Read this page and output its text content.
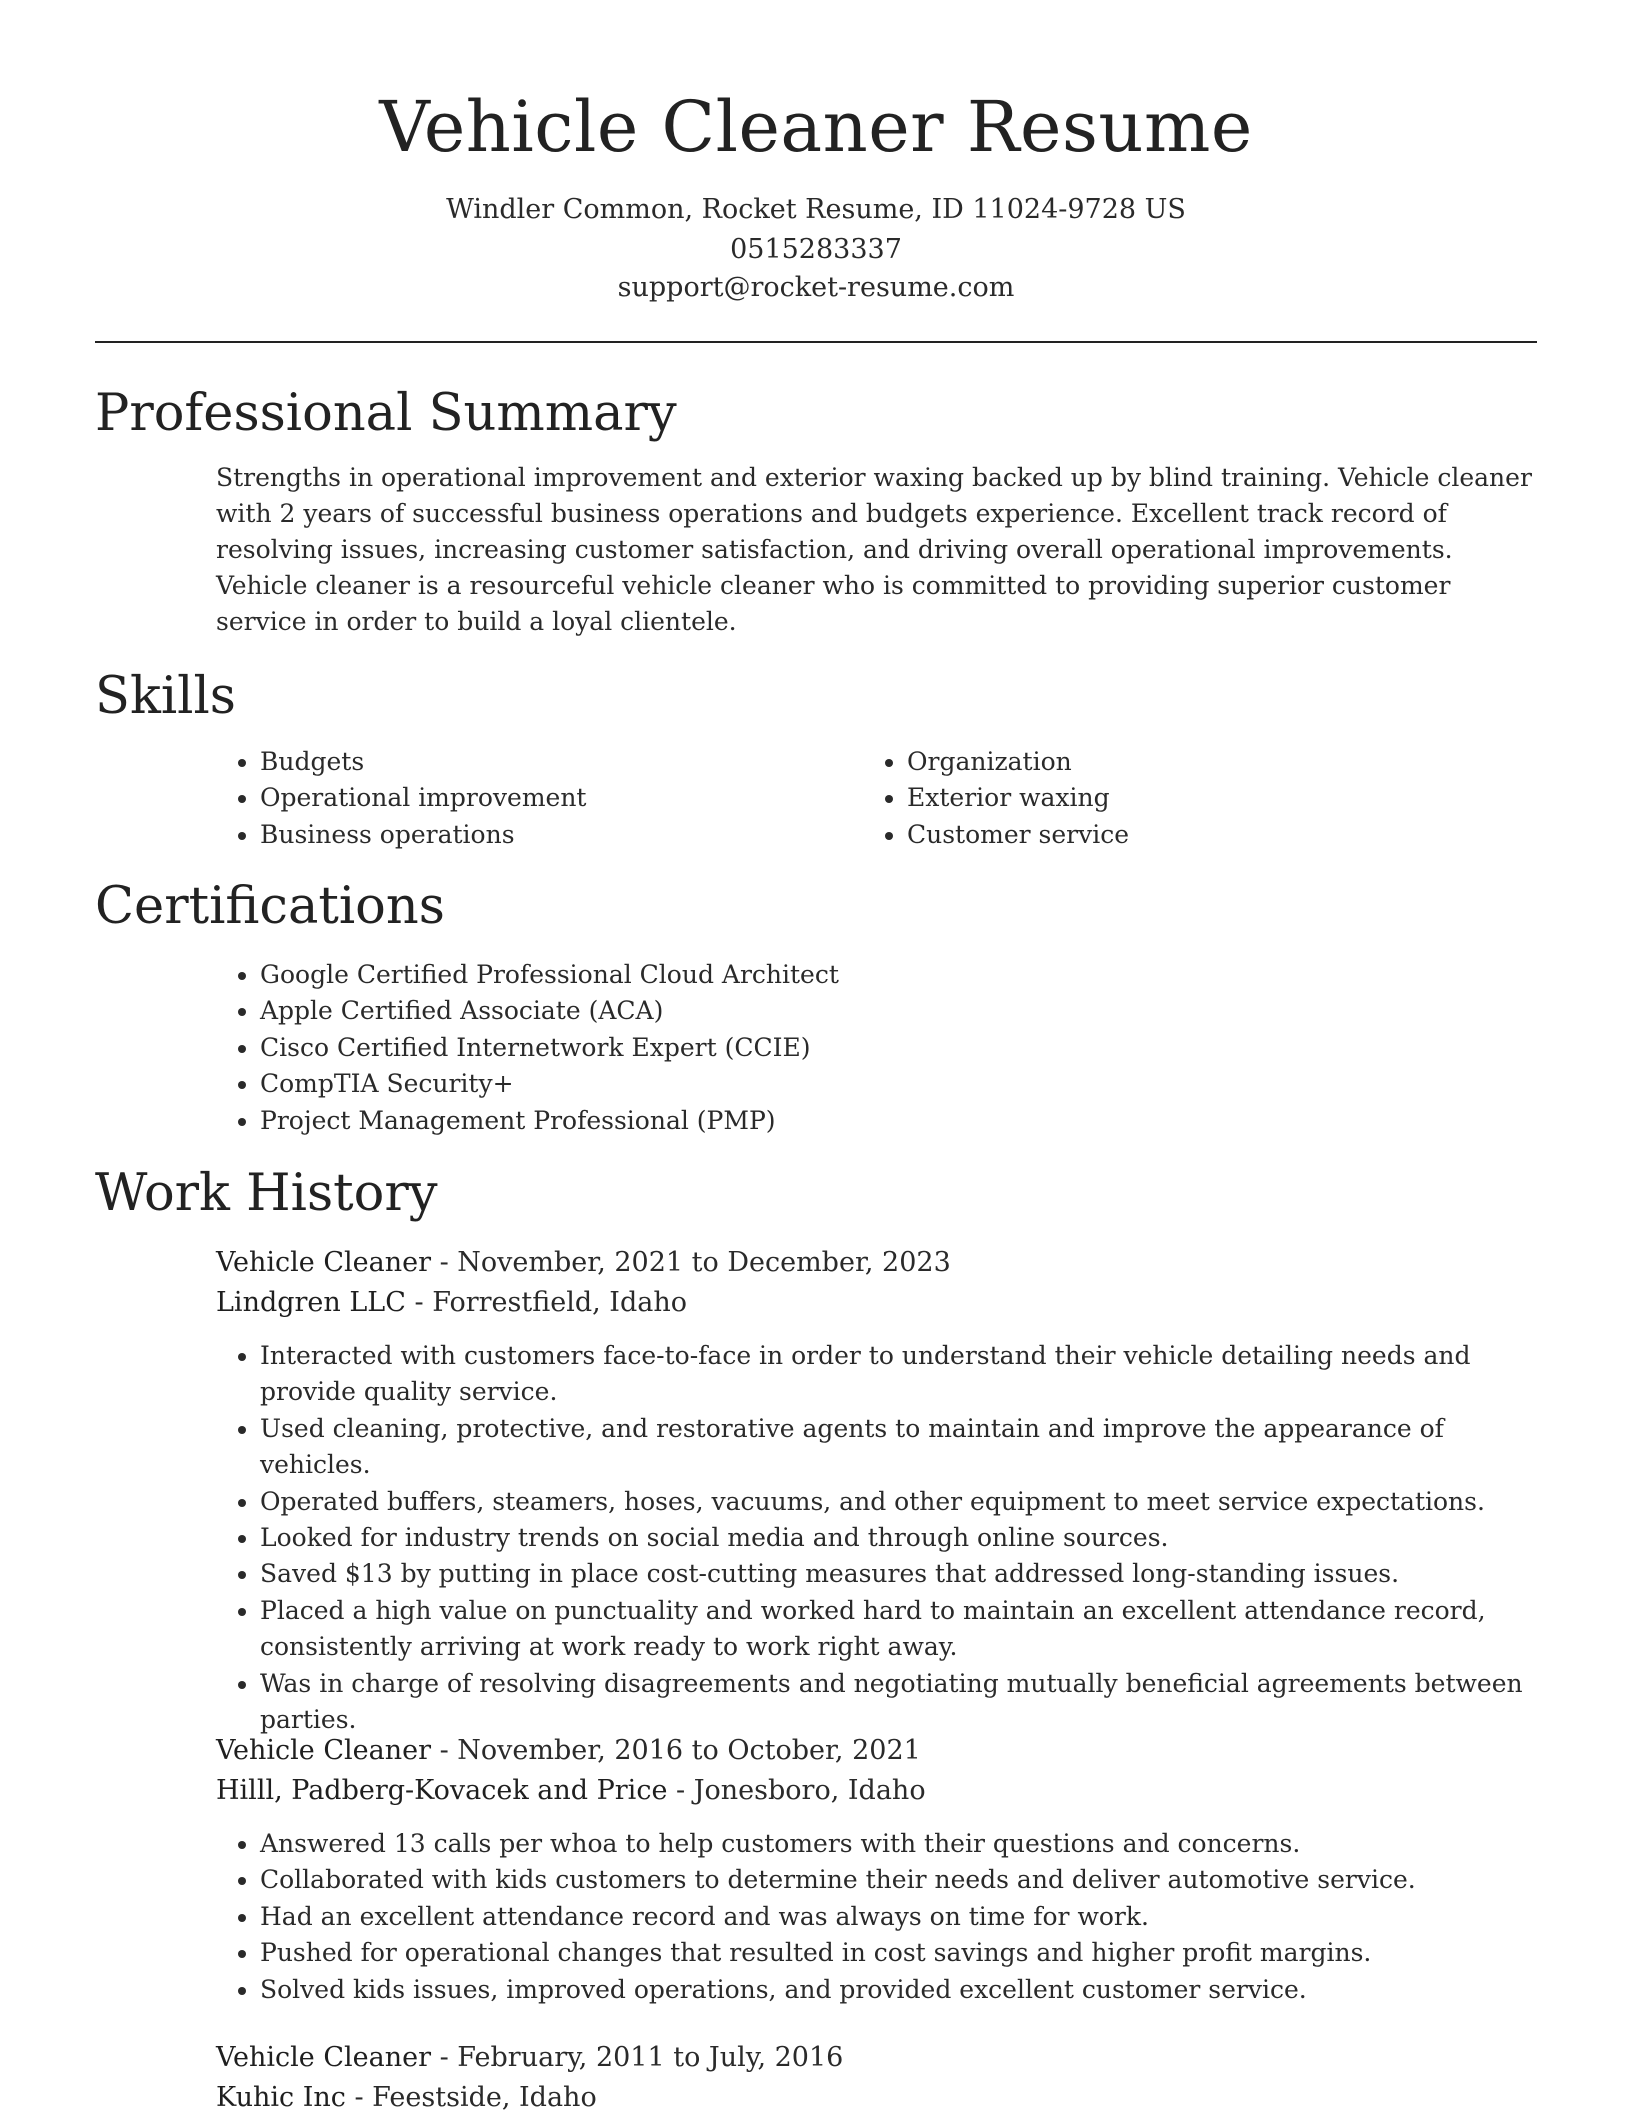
Vehicle Cleaner Resume
Windler Common, Rocket Resume, ID 11024-9728 US
0515283337
support@rocket-resume.com
Professional Summary

Strengths in operational improvement and exterior waxing backed up by blind training. Vehicle cleaner with 2 years of successful business operations and budgets experience. Excellent track record of resolving issues, increasing customer satisfaction, and driving overall operational improvements. Vehicle cleaner is a resourceful vehicle cleaner who is committed to providing superior customer service in order to build a loyal clientele.

Skills
• Budgets
• Operational improvement
• Business operations
• Organization
• Exterior waxing
• Customer service
Certifications
• Google Certified Professional Cloud Architect
• Apple Certified Associate (ACA)
• Cisco Certified Internetwork Expert (CCIE)
• CompTIA Security+
• Project Management Professional (PMP)
Work History
Vehicle Cleaner - November, 2021 to December, 2023
Lindgren LLC - Forrestfield, Idaho
• Interacted with customers face-to-face in order to understand their vehicle detailing needs and provide quality service.
• Used cleaning, protective, and restorative agents to maintain and improve the appearance of vehicles.
• Operated buffers, steamers, hoses, vacuums, and other equipment to meet service expectations.
• Looked for industry trends on social media and through online sources.
• Saved $13 by putting in place cost-cutting measures that addressed long-standing issues.
• Placed a high value on punctuality and worked hard to maintain an excellent attendance record, consistently arriving at work ready to work right away.
• Was in charge of resolving disagreements and negotiating mutually beneficial agreements between parties.
Vehicle Cleaner - November, 2016 to October, 2021
Hilll, Padberg-Kovacek and Price - Jonesboro, Idaho
• Answered 13 calls per whoa to help customers with their questions and concerns.
• Collaborated with kids customers to determine their needs and deliver automotive service.
• Had an excellent attendance record and was always on time for work.
• Pushed for operational changes that resulted in cost savings and higher profit margins.
• Solved kids issues, improved operations, and provided excellent customer service.
Vehicle Cleaner - February, 2011 to July, 2016
Kuhic Inc - Feestside, Idaho
